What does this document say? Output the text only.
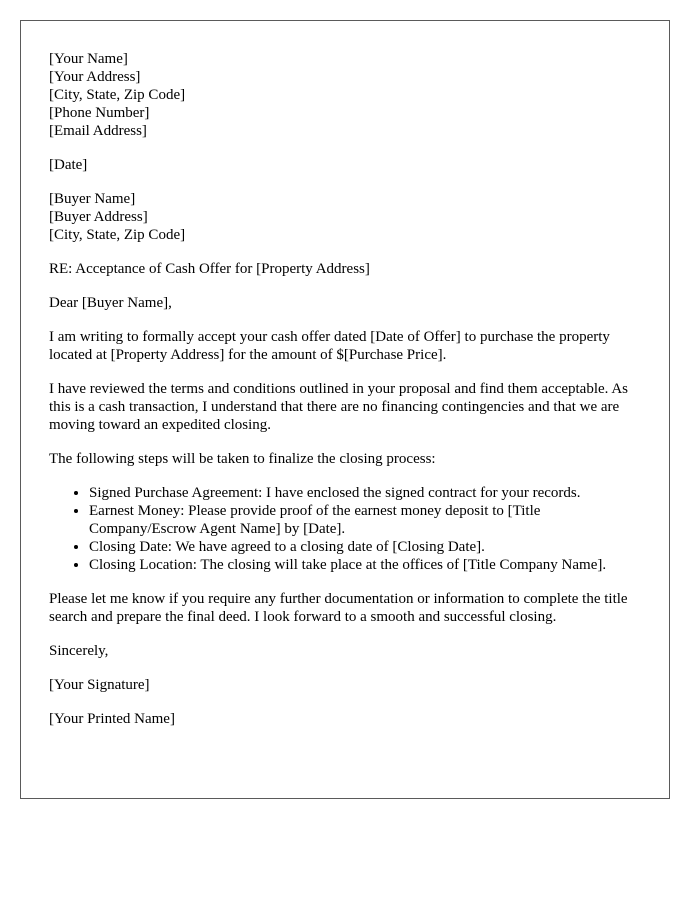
[Your Name]
[Your Address]
[City, State, Zip Code]
[Phone Number]
[Email Address]

[Date]

[Buyer Name]
[Buyer Address]
[City, State, Zip Code]

RE: Acceptance of Cash Offer for [Property Address]

Dear [Buyer Name],

I am writing to formally accept your cash offer dated [Date of Offer] to purchase the property located at [Property Address] for the amount of $[Purchase Price].

I have reviewed the terms and conditions outlined in your proposal and find them acceptable. As this is a cash transaction, I understand that there are no financing contingencies and that we are moving toward an expedited closing.

The following steps will be taken to finalize the closing process:

• Signed Purchase Agreement: I have enclosed the signed contract for your records.
• Earnest Money: Please provide proof of the earnest money deposit to [Title Company/Escrow Agent Name] by [Date].
• Closing Date: We have agreed to a closing date of [Closing Date].
• Closing Location: The closing will take place at the offices of [Title Company Name].

Please let me know if you require any further documentation or information to complete the title search and prepare the final deed. I look forward to a smooth and successful closing.

Sincerely,

[Your Signature]

[Your Printed Name]
